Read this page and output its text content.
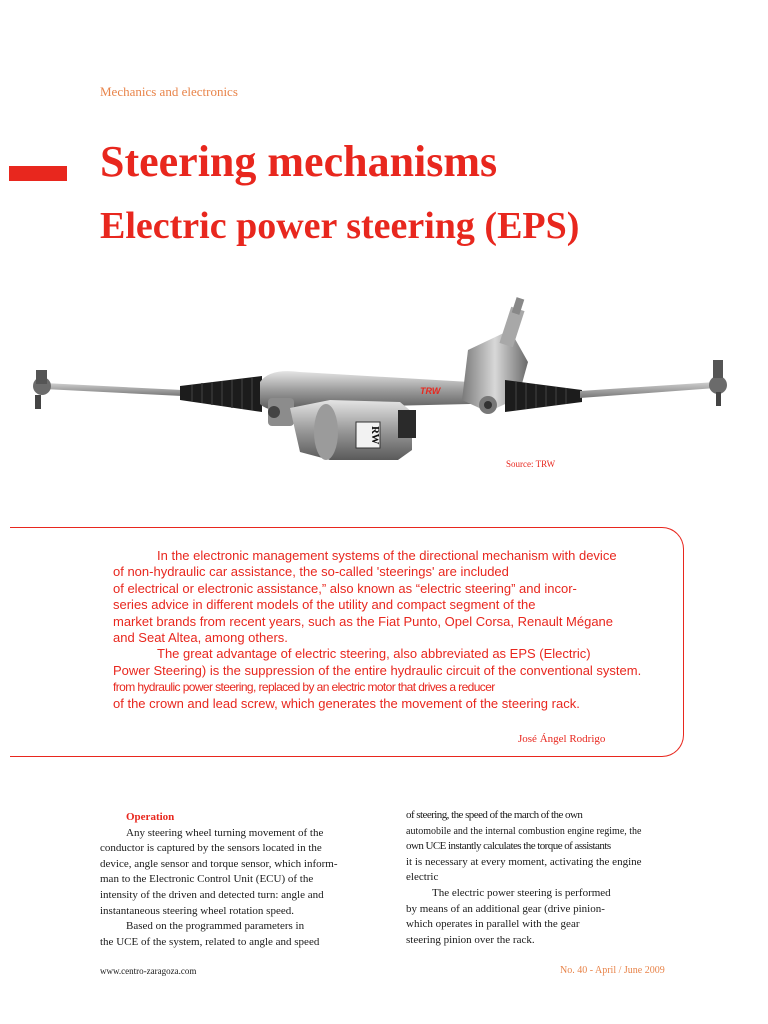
Mechanics and electronics
Steering mechanisms
Electric power steering (EPS)
TRW
RW
Source: TRW
In the electronic management systems of the directional mechanism with device
of non-hydraulic car assistance, the so-called 'steerings' are included
of electrical or electronic assistance,” also known as “electric steering” and incor-
series advice in different models of the utility and compact segment of the
market brands from recent years, such as the Fiat Punto, Opel Corsa, Renault Mégane
and Seat Altea, among others.
The great advantage of electric steering, also abbreviated as EPS (Electric)
Power Steering) is the suppression of the entire hydraulic circuit of the conventional system.
from hydraulic power steering, replaced by an electric motor that drives a reducer
of the crown and lead screw, which generates the movement of the steering rack.
José Ángel Rodrigo
Operation
Any steering wheel turning movement of the
conductor is captured by the sensors located in the
device, angle sensor and torque sensor, which inform-
man to the Electronic Control Unit (ECU) of the
intensity of the driven and detected turn: angle and
instantaneous steering wheel rotation speed.
Based on the programmed parameters in
the UCE of the system, related to angle and speed
of steering, the speed of the march of the own
automobile and the internal combustion engine regime, the
own UCE instantly calculates the torque of assistants
it is necessary at every moment, activating the engine
electric
The electric power steering is performed
by means of an additional gear (drive pinion-
which operates in parallel with the gear
steering pinion over the rack.
www.centro-zaragoza.com	No. 40 - April / June 2009
